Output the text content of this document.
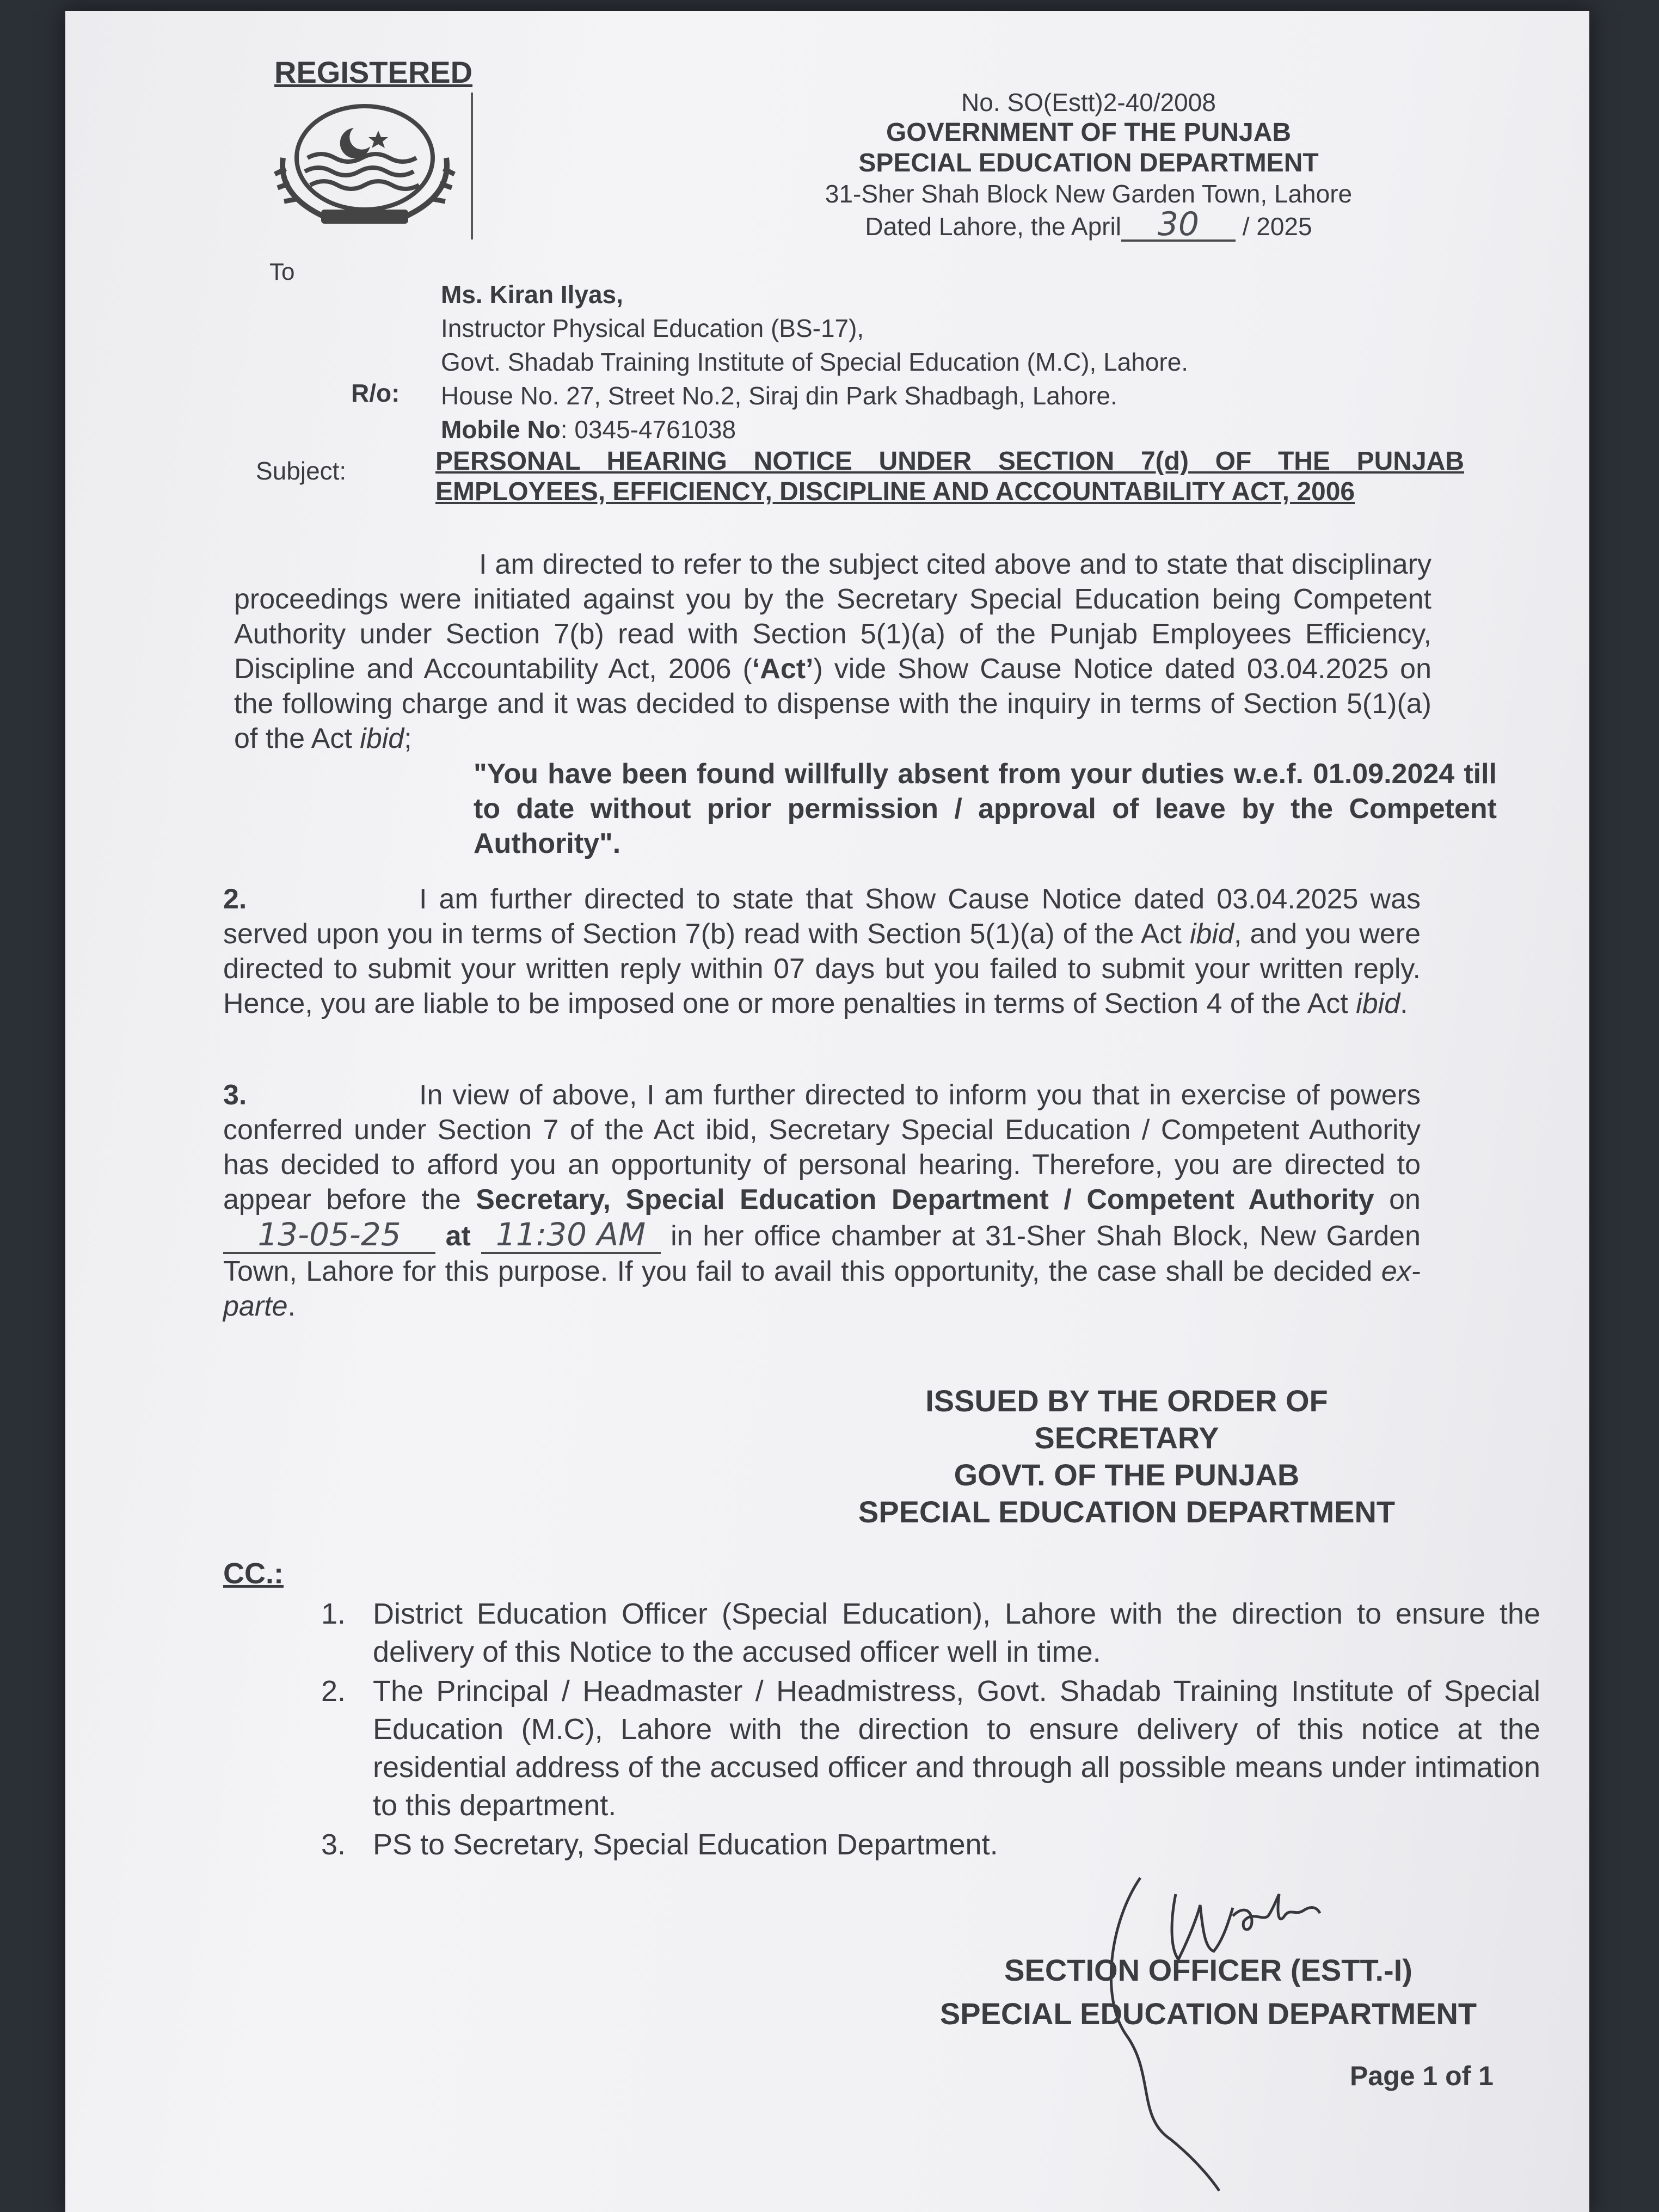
REGISTERED
No. SO(Estt)2-40/2008
GOVERNMENT OF THE PUNJAB
SPECIAL EDUCATION DEPARTMENT
31-Sher Shah Block New Garden Town, Lahore
Dated Lahore, the April 30 / 2025
To
Ms. Kiran Ilyas,
Instructor Physical Education (BS-17),
Govt. Shadab Training Institute of Special Education (M.C), Lahore.
House No. 27, Street No.2, Siraj din Park Shadbagh, Lahore.
Mobile No: 0345-4761038
R/o:
Subject:	PERSONAL HEARING NOTICE UNDER SECTION 7(d) OF THE PUNJAB EMPLOYEES, EFFICIENCY, DISCIPLINE AND ACCOUNTABILITY ACT, 2006
I am directed to refer to the subject cited above and to state that disciplinary proceedings were initiated against you by the Secretary Special Education being Competent Authority under Section 7(b) read with Section 5(1)(a) of the Punjab Employees Efficiency, Discipline and Accountability Act, 2006 (‘Act’) vide Show Cause Notice dated 03.04.2025 on the following charge and it was decided to dispense with the inquiry in terms of Section 5(1)(a) of the Act ibid;
"You have been found willfully absent from your duties w.e.f. 01.09.2024 till to date without prior permission / approval of leave by the Competent Authority".
2.	I am further directed to state that Show Cause Notice dated 03.04.2025 was served upon you in terms of Section 7(b) read with Section 5(1)(a) of the Act ibid, and you were directed to submit your written reply within 07 days but you failed to submit your written reply. Hence, you are liable to be imposed one or more penalties in terms of Section 4 of the Act ibid.
3.	In view of above, I am further directed to inform you that in exercise of powers conferred under Section 7 of the Act ibid, Secretary Special Education / Competent Authority has decided to afford you an opportunity of personal hearing. Therefore, you are directed to appear before the Secretary, Special Education Department / Competent Authority on 13-05-25 at 11:30 AM in her office chamber at 31-Sher Shah Block, New Garden Town, Lahore for this purpose. If you fail to avail this opportunity, the case shall be decided ex-parte.
ISSUED BY THE ORDER OF
SECRETARY
GOVT. OF THE PUNJAB
SPECIAL EDUCATION DEPARTMENT
CC.:
1. District Education Officer (Special Education), Lahore with the direction to ensure the delivery of this Notice to the accused officer well in time.
2. The Principal / Headmaster / Headmistress, Govt. Shadab Training Institute of Special Education (M.C), Lahore with the direction to ensure delivery of this notice at the residential address of the accused officer and through all possible means under intimation to this department.
3. PS to Secretary, Special Education Department.
SECTION OFFICER (ESTT.-I)
SPECIAL EDUCATION DEPARTMENT
Page 1 of 1
